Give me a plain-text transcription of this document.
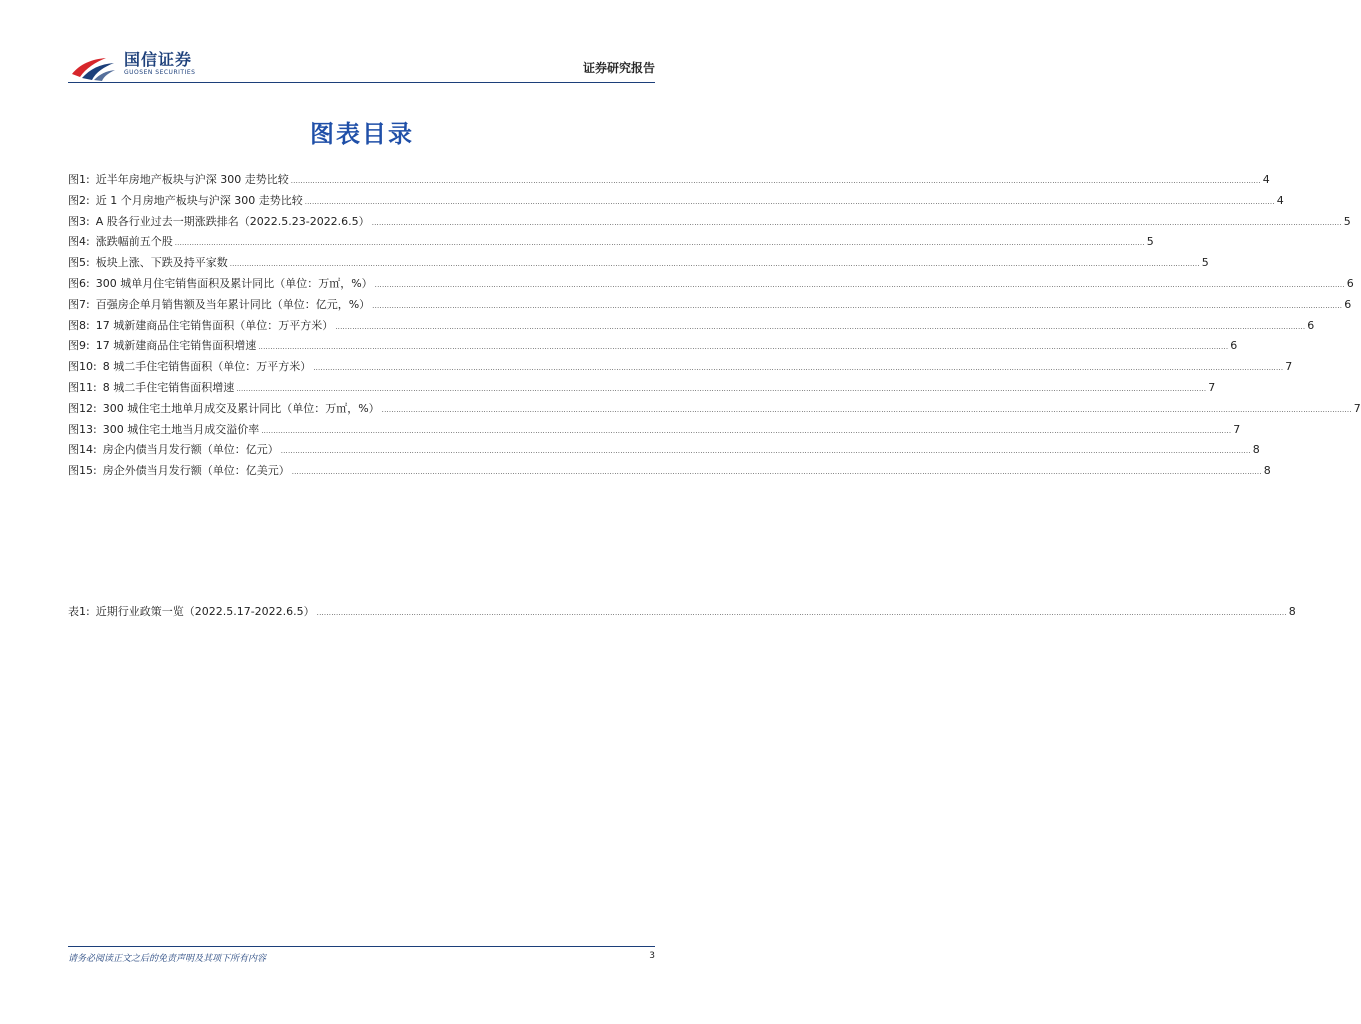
国信证券
GUOSEN SECURITIES	证券研究报告
图表目录
图1: 近半年房地产板块与沪深 300 走势比较 ................................................................................................................................................................................................................................................................................................................................................................................................................ 4
图2: 近 1 个月房地产板块与沪深 300 走势比较 ................................................................................................................................................................................................................................................................................................................................................................................................................ 4
图3: A 股各行业过去一期涨跌排名（2022.5.23-2022.6.5） ................................................................................................................................................................................................................................................................................................................................................................................................................ 5
图4: 涨跌幅前五个股 ................................................................................................................................................................................................................................................................................................................................................................................................................ 5
图5: 板块上涨、下跌及持平家数 ................................................................................................................................................................................................................................................................................................................................................................................................................ 5
图6: 300 城单月住宅销售面积及累计同比（单位：万㎡，%） ................................................................................................................................................................................................................................................................................................................................................................................................................ 6
图7: 百强房企单月销售额及当年累计同比（单位：亿元，%） ................................................................................................................................................................................................................................................................................................................................................................................................................ 6
图8: 17 城新建商品住宅销售面积（单位：万平方米） ................................................................................................................................................................................................................................................................................................................................................................................................................ 6
图9: 17 城新建商品住宅销售面积增速 ................................................................................................................................................................................................................................................................................................................................................................................................................ 6
图10: 8 城二手住宅销售面积（单位：万平方米） ................................................................................................................................................................................................................................................................................................................................................................................................................ 7
图11: 8 城二手住宅销售面积增速 ................................................................................................................................................................................................................................................................................................................................................................................................................ 7
图12: 300 城住宅土地单月成交及累计同比（单位：万㎡，%） ................................................................................................................................................................................................................................................................................................................................................................................................................ 7
图13: 300 城住宅土地当月成交溢价率 ................................................................................................................................................................................................................................................................................................................................................................................................................ 7
图14: 房企内债当月发行额（单位：亿元） ................................................................................................................................................................................................................................................................................................................................................................................................................ 8
图15: 房企外债当月发行额（单位：亿美元） ................................................................................................................................................................................................................................................................................................................................................................................................................ 8
表1: 近期行业政策一览（2022.5.17-2022.6.5） ................................................................................................................................................................................................................................................................................................................................................................................................................ 8
请务必阅读正文之后的免责声明及其项下所有内容	3
